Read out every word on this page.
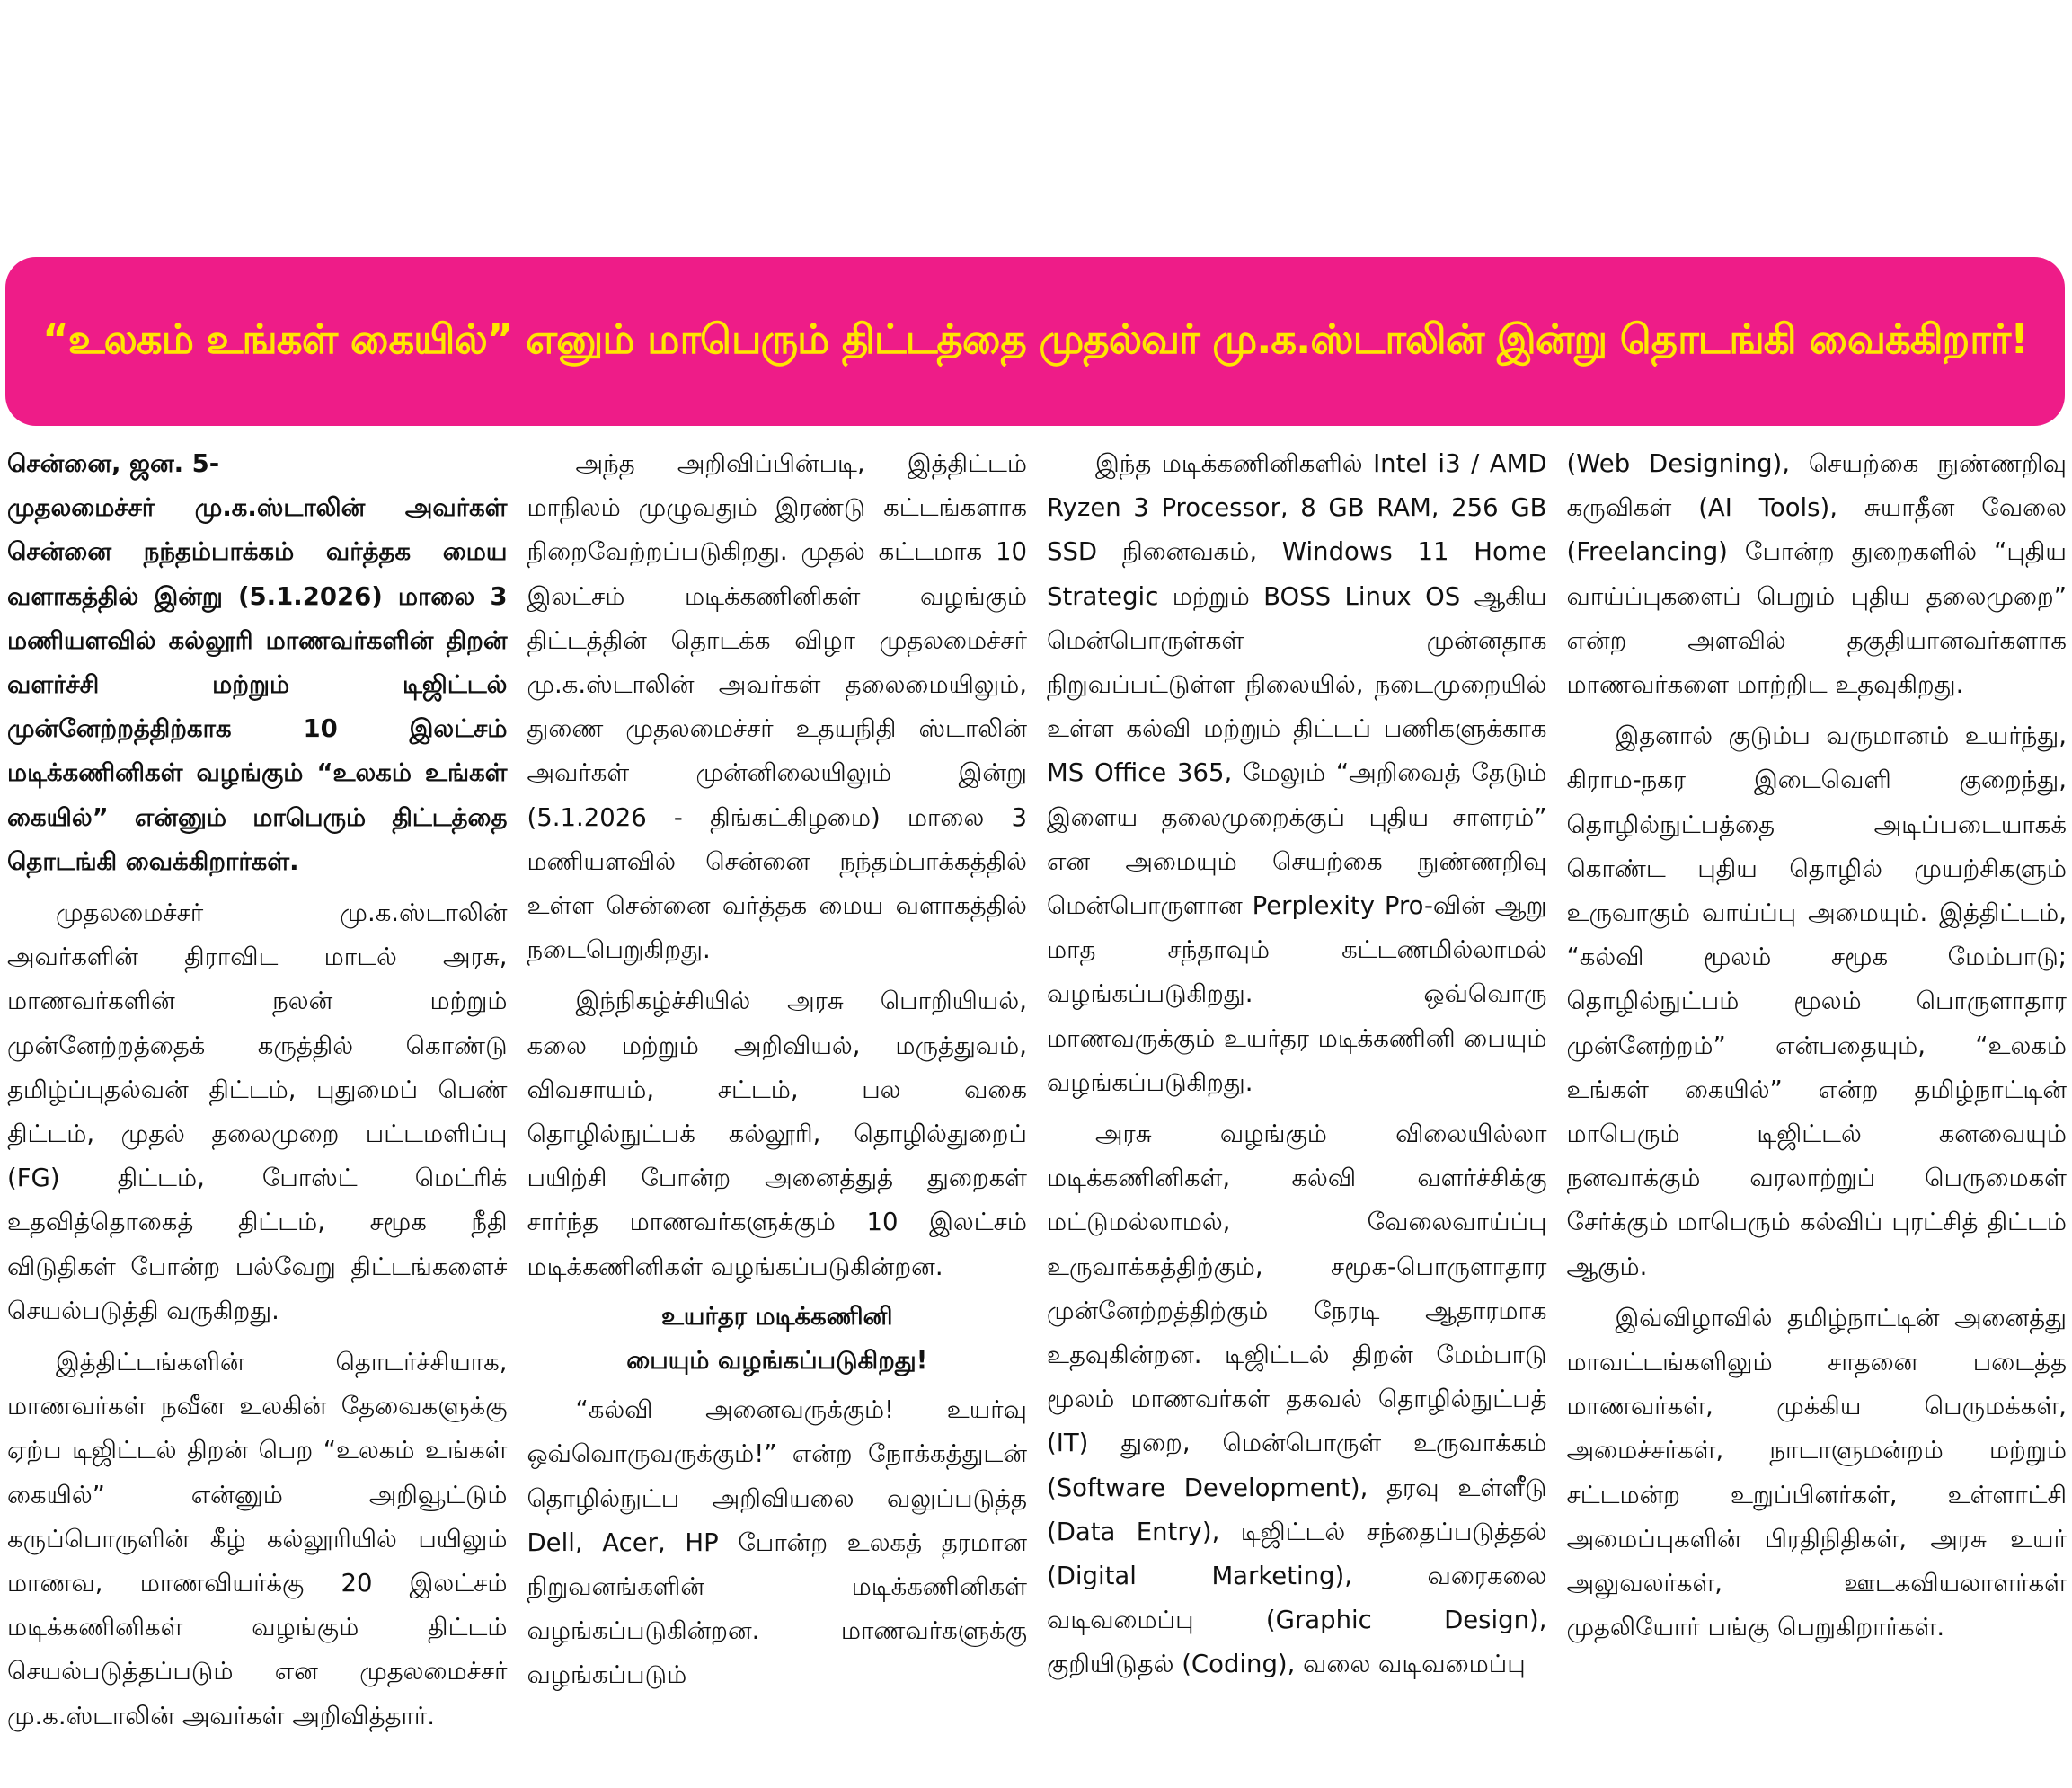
“உலகம் உங்கள் கையில்” எனும் மாபெரும் திட்டத்தை முதல்வர் மு.க.ஸ்டாலின் இன்று தொடங்கி வைக்கிறார்!
சென்னை, ஜன. 5-
முதலமைச்சர் மு.க.ஸ்டாலின் அவர்கள் சென்னை நந்தம்பாக்கம் வர்த்தக மைய வளாகத்தில் இன்று (5.1.2026) மாலை 3 மணியளவில் கல்லூரி மாணவர்களின் திறன் வளர்ச்சி மற்றும் டிஜிட்டல் முன்னேற்றத்திற்காக 10 இலட்சம் மடிக்கணினிகள் வழங்கும் “உலகம் உங்கள் கையில்” என்னும் மாபெரும் திட்டத்தை தொடங்கி வைக்கிறார்கள்.
முதலமைச்சர் மு.க.ஸ்டாலின் அவர்களின் திராவிட மாடல் அரசு, மாணவர்களின் நலன் மற்றும் முன்னேற்றத்தைக் கருத்தில் கொண்டு தமிழ்ப்புதல்வன் திட்டம், புதுமைப் பெண் திட்டம், முதல் தலைமுறை பட்டமளிப்பு (FG) திட்டம், போஸ்ட் மெட்ரிக் உதவித்தொகைத் திட்டம், சமூக நீதி விடுதிகள் போன்ற பல்வேறு திட்டங்களைச் செயல்படுத்தி வருகிறது.
இத்திட்டங்களின் தொடர்ச்சியாக, மாணவர்கள் நவீன உலகின் தேவைகளுக்கு ஏற்ப டிஜிட்டல் திறன் பெற “உலகம் உங்கள் கையில்” என்னும் அறிவூட்டும் கருப்பொருளின் கீழ் கல்லூரியில் பயிலும் மாணவ, மாணவியர்க்கு 20 இலட்சம் மடிக்கணினிகள் வழங்கும் திட்டம் செயல்படுத்தப்படும் என முதலமைச்சர் மு.க.ஸ்டாலின் அவர்கள் அறிவித்தார்.
அந்த அறிவிப்பின்படி, இத்திட்டம் மாநிலம் முழுவதும் இரண்டு கட்டங்களாக நிறைவேற்றப்படுகிறது. முதல் கட்டமாக 10 இலட்சம் மடிக்கணினிகள் வழங்கும் திட்டத்தின் தொடக்க விழா முதலமைச்சர் மு.க.ஸ்டாலின் அவர்கள் தலைமையிலும், துணை முதலமைச்சர் உதயநிதி ஸ்டாலின் அவர்கள் முன்னிலையிலும் இன்று (5.1.2026 - திங்கட்கிழமை) மாலை 3 மணியளவில் சென்னை நந்தம்பாக்கத்தில் உள்ள சென்னை வர்த்தக மைய வளாகத்தில் நடைபெறுகிறது.
இந்நிகழ்ச்சியில் அரசு பொறியியல், கலை மற்றும் அறிவியல், மருத்துவம், விவசாயம், சட்டம், பல வகை தொழில்நுட்பக் கல்லூரி, தொழில்துறைப் பயிற்சி போன்ற அனைத்துத் துறைகள் சார்ந்த மாணவர்களுக்கும் 10 இலட்சம் மடிக்கணினிகள் வழங்கப்படுகின்றன.
உயர்தர மடிக்கணினி
பையும் வழங்கப்படுகிறது!
“கல்வி அனைவருக்கும்! உயர்வு ஒவ்வொருவருக்கும்!” என்ற நோக்கத்துடன் தொழில்நுட்ப அறிவியலை வலுப்படுத்த Dell, Acer, HP போன்ற உலகத் தரமான நிறுவனங்களின் மடிக்கணினிகள் வழங்கப்படுகின்றன. மாணவர்களுக்கு வழங்கப்படும்
இந்த மடிக்கணினிகளில் Intel i3 / AMD Ryzen 3 Processor, 8 GB RAM, 256 GB SSD நினைவகம், Windows 11 Home Strategic மற்றும் BOSS Linux OS ஆகிய மென்பொருள்கள் முன்னதாக நிறுவப்பட்டுள்ள நிலையில், நடைமுறையில் உள்ள கல்வி மற்றும் திட்டப் பணிகளுக்காக MS Office 365, மேலும் “அறிவைத் தேடும் இளைய தலைமுறைக்குப் புதிய சாளரம்” என அமையும் செயற்கை நுண்ணறிவு மென்பொருளான Perplexity Pro-வின் ஆறு மாத சந்தாவும் கட்டணமில்லாமல் வழங்கப்படுகிறது. ஒவ்வொரு மாணவருக்கும் உயர்தர மடிக்கணினி பையும் வழங்கப்படுகிறது.
அரசு வழங்கும் விலையில்லா மடிக்கணினிகள், கல்வி வளர்ச்சிக்கு மட்டுமல்லாமல், வேலைவாய்ப்பு உருவாக்கத்திற்கும், சமூக-பொருளாதார முன்னேற்றத்திற்கும் நேரடி ஆதாரமாக உதவுகின்றன. டிஜிட்டல் திறன் மேம்பாடு மூலம் மாணவர்கள் தகவல் தொழில்நுட்பத் (IT) துறை, மென்பொருள் உருவாக்கம் (Software Development), தரவு உள்ளீடு (Data Entry), டிஜிட்டல் சந்தைப்படுத்தல் (Digital Marketing), வரைகலை வடிவமைப்பு (Graphic Design), குறியிடுதல் (Coding), வலை வடிவமைப்பு
(Web Designing), செயற்கை நுண்ணறிவு கருவிகள் (AI Tools), சுயாதீன வேலை (Freelancing) போன்ற துறைகளில் “புதிய வாய்ப்புகளைப் பெறும் புதிய தலைமுறை” என்ற அளவில் தகுதியானவர்களாக மாணவர்களை மாற்றிட உதவுகிறது.
இதனால் குடும்ப வருமானம் உயர்ந்து, கிராம-நகர இடைவெளி குறைந்து, தொழில்நுட்பத்தை அடிப்படையாகக் கொண்ட புதிய தொழில் முயற்சிகளும் உருவாகும் வாய்ப்பு அமையும். இத்திட்டம், “கல்வி மூலம் சமூக மேம்பாடு; தொழில்நுட்பம் மூலம் பொருளாதார முன்னேற்றம்” என்பதையும், “உலகம் உங்கள் கையில்” என்ற தமிழ்நாட்டின் மாபெரும் டிஜிட்டல் கனவையும் நனவாக்கும் வரலாற்றுப் பெருமைகள் சேர்க்கும் மாபெரும் கல்விப் புரட்சித் திட்டம் ஆகும்.
இவ்விழாவில் தமிழ்நாட்டின் அனைத்து மாவட்டங்களிலும் சாதனை படைத்த மாணவர்கள், முக்கிய பெருமக்கள், அமைச்சர்கள், நாடாளுமன்றம் மற்றும் சட்டமன்ற உறுப்பினர்கள், உள்ளாட்சி அமைப்புகளின் பிரதிநிதிகள், அரசு உயர் அலுவலர்கள், ஊடகவியலாளர்கள் முதலியோர் பங்கு பெறுகிறார்கள்.
